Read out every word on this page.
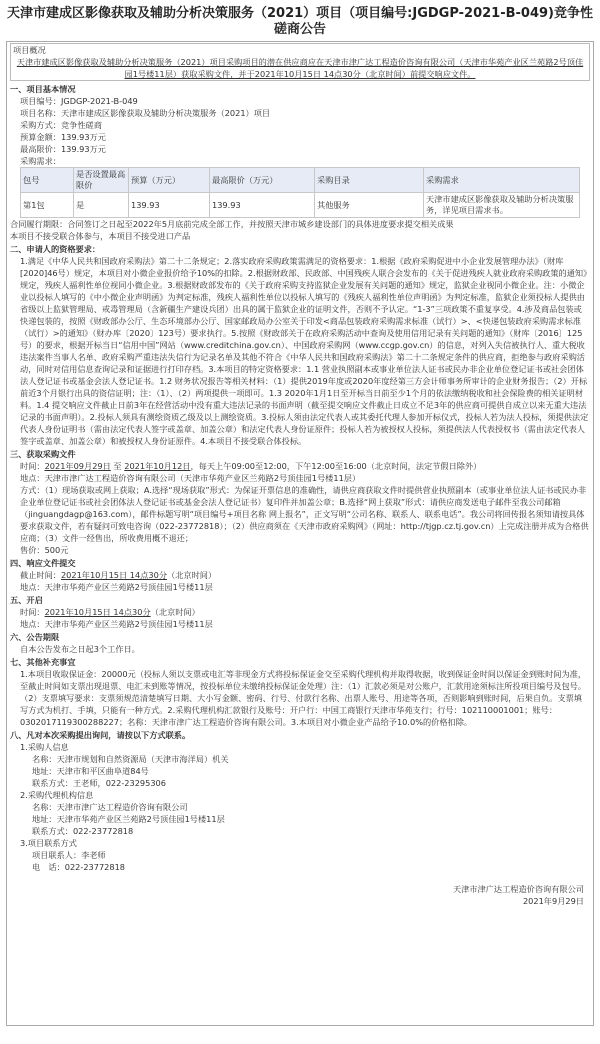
天津市建成区影像获取及辅助分析决策服务（2021）项目（项目编号:JGDGP-2021-B-049)竞争性磋商公告
项目概况
天津市建成区影像获取及辅助分析决策服务（2021）项目采购项目的潜在供应商应在天津市津广达工程造价咨询有限公司（天津市华苑产业区兰苑路2号顶佳园1号楼11层）获取采购文件，并于2021年10月15日 14点30分（北京时间）前提交响应文件。
一、项目基本情况
项目编号：JGDGP-2021-B-049
项目名称：天津市建成区影像获取及辅助分析决策服务（2021）项目
采购方式：竞争性磋商
预算金额：139.93万元
最高限价：139.93万元
采购需求：
包号	是否设置最高限价	预算（万元）	最高限价（万元）	采购目录	采购需求
第1包	是	139.93	139.93	其他服务	天津市建成区影像获取及辅助分析决策服务，详见项目需求书。
合同履行期限：合同签订之日起至2022年5月底前完成全部工作，并按照天津市城乡建设部门的具体进度要求提交相关成果
本项目不接受联合体参与，本项目不接受进口产品
二、申请人的资格要求：
1.满足《中华人民共和国政府采购法》第二十二条规定；2.落实政府采购政策需满足的资格要求：1.根据《政府采购促进中小企业发展管理办法》（财库[2020]46号）规定，本项目对小微企业报价给予10%的扣除。2.根据财政部、民政部、中国残疾人联合会发布的《关于促进残疾人就业政府采购政策的通知》规定，残疾人福利性单位视同小微企业。3.根据财政部发布的《关于政府采购支持监狱企业发展有关问题的通知》规定，监狱企业视同小微企业。注：小微企业以投标人填写的《中小微企业声明函》为判定标准，残疾人福利性单位以投标人填写的《残疾人福利性单位声明函》为判定标准，监狱企业须投标人提供由省级以上监狱管理局、戒毒管理局（含新疆生产建设兵团）出具的属于监狱企业的证明文件，否则不予认定。“1-3”三项政策不重复享受。4.涉及商品包装或快递包装的，按照《财政部办公厅、生态环境部办公厅、国家邮政局办公室关于印发<商品包装政府采购需求标准（试行）>、<快递包装政府采购需求标准（试行）>的通知》（财办库〔2020〕123号）要求执行。5.按照《财政部关于在政府采购活动中查询及使用信用记录有关问题的通知》（财库〔2016〕125号）的要求，根据开标当日“信用中国”网站（www.creditchina.gov.cn）、中国政府采购网（www.ccgp.gov.cn）的信息，对列入失信被执行人、重大税收违法案件当事人名单、政府采购严重违法失信行为记录名单及其他不符合《中华人民共和国政府采购法》第二十二条规定条件的供应商，拒绝参与政府采购活动，同时对信用信息查询记录和证据进行打印存档。3.本项目的特定资格要求：1.1 营业执照副本或事业单位法人证书或民办非企业单位登记证书或社会团体法人登记证书或基金会法人登记证书。1.2 财务状况报告等相关材料：（1）提供2019年度或2020年度经第三方会计师事务所审计的企业财务报告；（2）开标前近3个月银行出具的资信证明；注：（1）、（2）两项提供一项即可。1.3 2020年1月1日至开标当日前至少1个月的依法缴纳税收和社会保险费的相关证明材料。1.4 提交响应文件截止日前3年在经营活动中没有重大违法记录的书面声明（截至提交响应文件截止日成立不足3年的供应商可提供自成立以来无重大违法记录的书面声明）。2.投标人须具有测绘资质乙级及以上测绘资质。3.投标人须由法定代表人或其委托代理人参加开标仪式，投标人若为法人投标，须提供法定代表人身份证明书（需由法定代表人签字或盖章、加盖公章）和法定代表人身份证原件；投标人若为被授权人投标，须提供法人代表授权书（需由法定代表人签字或盖章、加盖公章）和被授权人身份证原件。4.本项目不接受联合体投标。
三、获取采购文件
时间：2021年09月29日 至 2021年10月12日，每天上午09:00至12:00，下午12:00至16:00（北京时间，法定节假日除外）
地点：天津市津广达工程造价咨询有限公司（天津市华苑产业区兰苑路2号顶佳园1号楼11层）
方式：（1）现场获取或网上获取；A.选择“现场获取”形式：为保证开票信息的准确性，请供应商获取文件时提供营业执照副本（或事业单位法人证书或民办非企业单位登记证书或社会团体法人登记证书或基金会法人登记证书）复印件并加盖公章；B.选择“网上获取”形式：请供应商发送电子邮件至我公司邮箱（jinguangdagp@163.com），邮件标题写明“项目编号+项目名称 网上报名”，正文写明“公司名称、联系人、联系电话”。我公司将回传报名须知请按具体要求获取文件，若有疑问可致电咨询（022-23772818）；（2）供应商须在《天津市政府采购网》（网址：http://tjgp.cz.tj.gov.cn）上完成注册并成为合格供应商；（3）文件一经售出，所收费用概不退还；
售价：500元
四、响应文件提交
截止时间：2021年10月15日 14点30分（北京时间）
地点：天津市华苑产业区兰苑路2号顶佳园1号楼11层
五、开启
时间：2021年10月15日 14点30分（北京时间）
地点：天津市华苑产业区兰苑路2号顶佳园1号楼11层
六、公告期限
自本公告发布之日起3个工作日。
七、其他补充事宜
1.本项目收取保证金：20000元（投标人须以支票或电汇等非现金方式将投标保证金交至采购代理机构并取得收据，收到保证金时间以保证金到账时间为准，至截止时间如支票出现退票、电汇未到账等情况，按投标单位未缴纳投标保证金处理）注：（1）汇款必须是对公账户，汇款用途须标注所投项目编号及包号。（2）支票填写要求：支票须规范清楚填写日期、大小写金额、密码、行号、付款行名称、出票人账号、用途等各项，否则影响到账时间，后果自负。支票填写方式为机打、手填，只能有一种方式。2.采购代理机构汇款银行及账号：开户行：中国工商银行天津市华苑支行；行号：102110001001；账号：0302017119300288227；名称：天津市津广达工程造价咨询有限公司。3.本项目对小微企业产品给予10.0%的价格扣除。
八、凡对本次采购提出询问，请按以下方式联系。
1.采购人信息
名称：天津市规划和自然资源局（天津市海洋局）机关
地址：天津市和平区曲阜道84号
联系方式：王老师，022-23295306
2.采购代理机构信息
名称：天津市津广达工程造价咨询有限公司
地址：天津市华苑产业区兰苑路2号顶佳园1号楼11层
联系方式：022-23772818
3.项目联系方式
项目联系人：李老师
电　话：022-23772818
天津市津广达工程造价咨询有限公司
2021年9月29日
